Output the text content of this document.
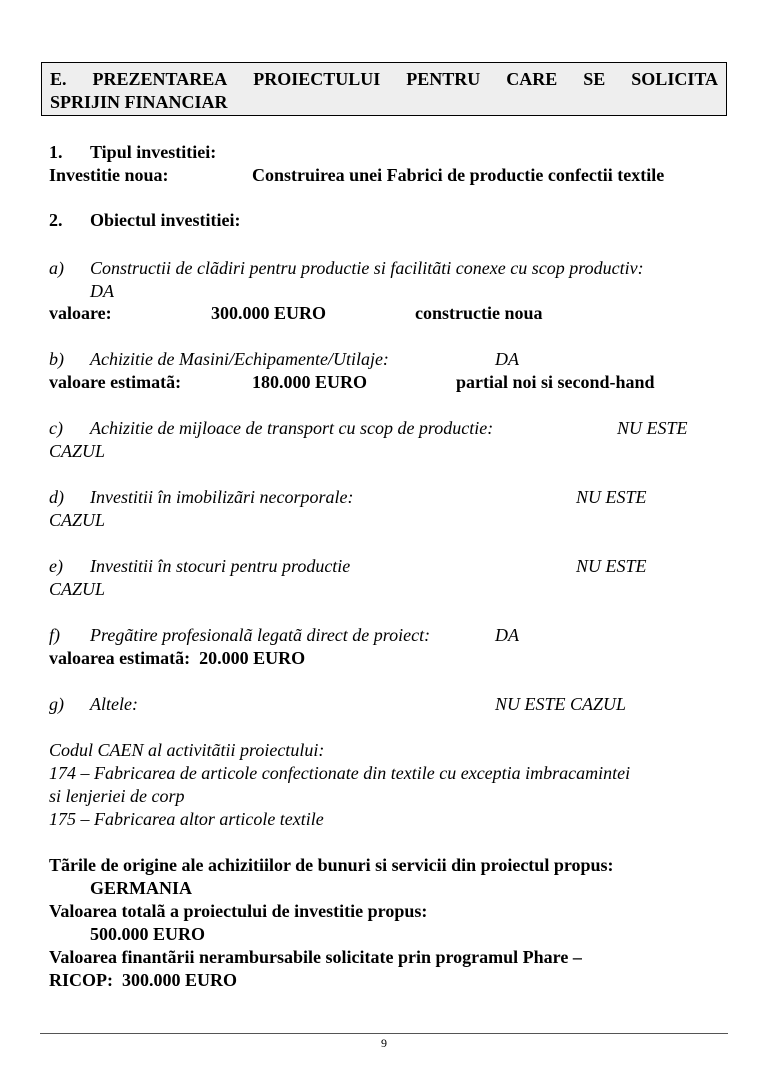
E. PREZENTAREA PROIECTULUI PENTRU CARE SE SOLICITA
SPRIJIN FINANCIAR
1. Tipul investitiei:
Investitie noua:	Construirea unei Fabrici de productie confectii textile
2. Obiectul investitiei:
a) Constructii de clãdiri pentru productie si facilitãti conexe cu scop productiv:
DA
valoare:	300.000 EURO	constructie noua
b) Achizitie de Masini/Echipamente/Utilaje:	DA
valoare estimatã:	180.000 EURO	partial noi si second-hand
c) Achizitie de mijloace de transport cu scop de productie:	NU ESTE
CAZUL
d) Investitii în imobilizãri necorporale:	NU ESTE
CAZUL
e) Investitii în stocuri pentru productie	NU ESTE
CAZUL
f) Pregãtire profesionalã legatã direct de proiect:	DA
valoarea estimatã:  20.000 EURO
g) Altele:	NU ESTE CAZUL
Codul CAEN al activitãtii proiectului:
174 – Fabricarea de articole confectionate din textile cu exceptia imbracamintei
si lenjeriei de corp
175 – Fabricarea altor articole textile
Tãrile de origine ale achizitiilor de bunuri si servicii din proiectul propus:
GERMANIA
Valoarea totalã a proiectului de investitie propus:
500.000 EURO
Valoarea finantãrii nerambursabile solicitate prin programul Phare –
RICOP:  300.000 EURO
9
